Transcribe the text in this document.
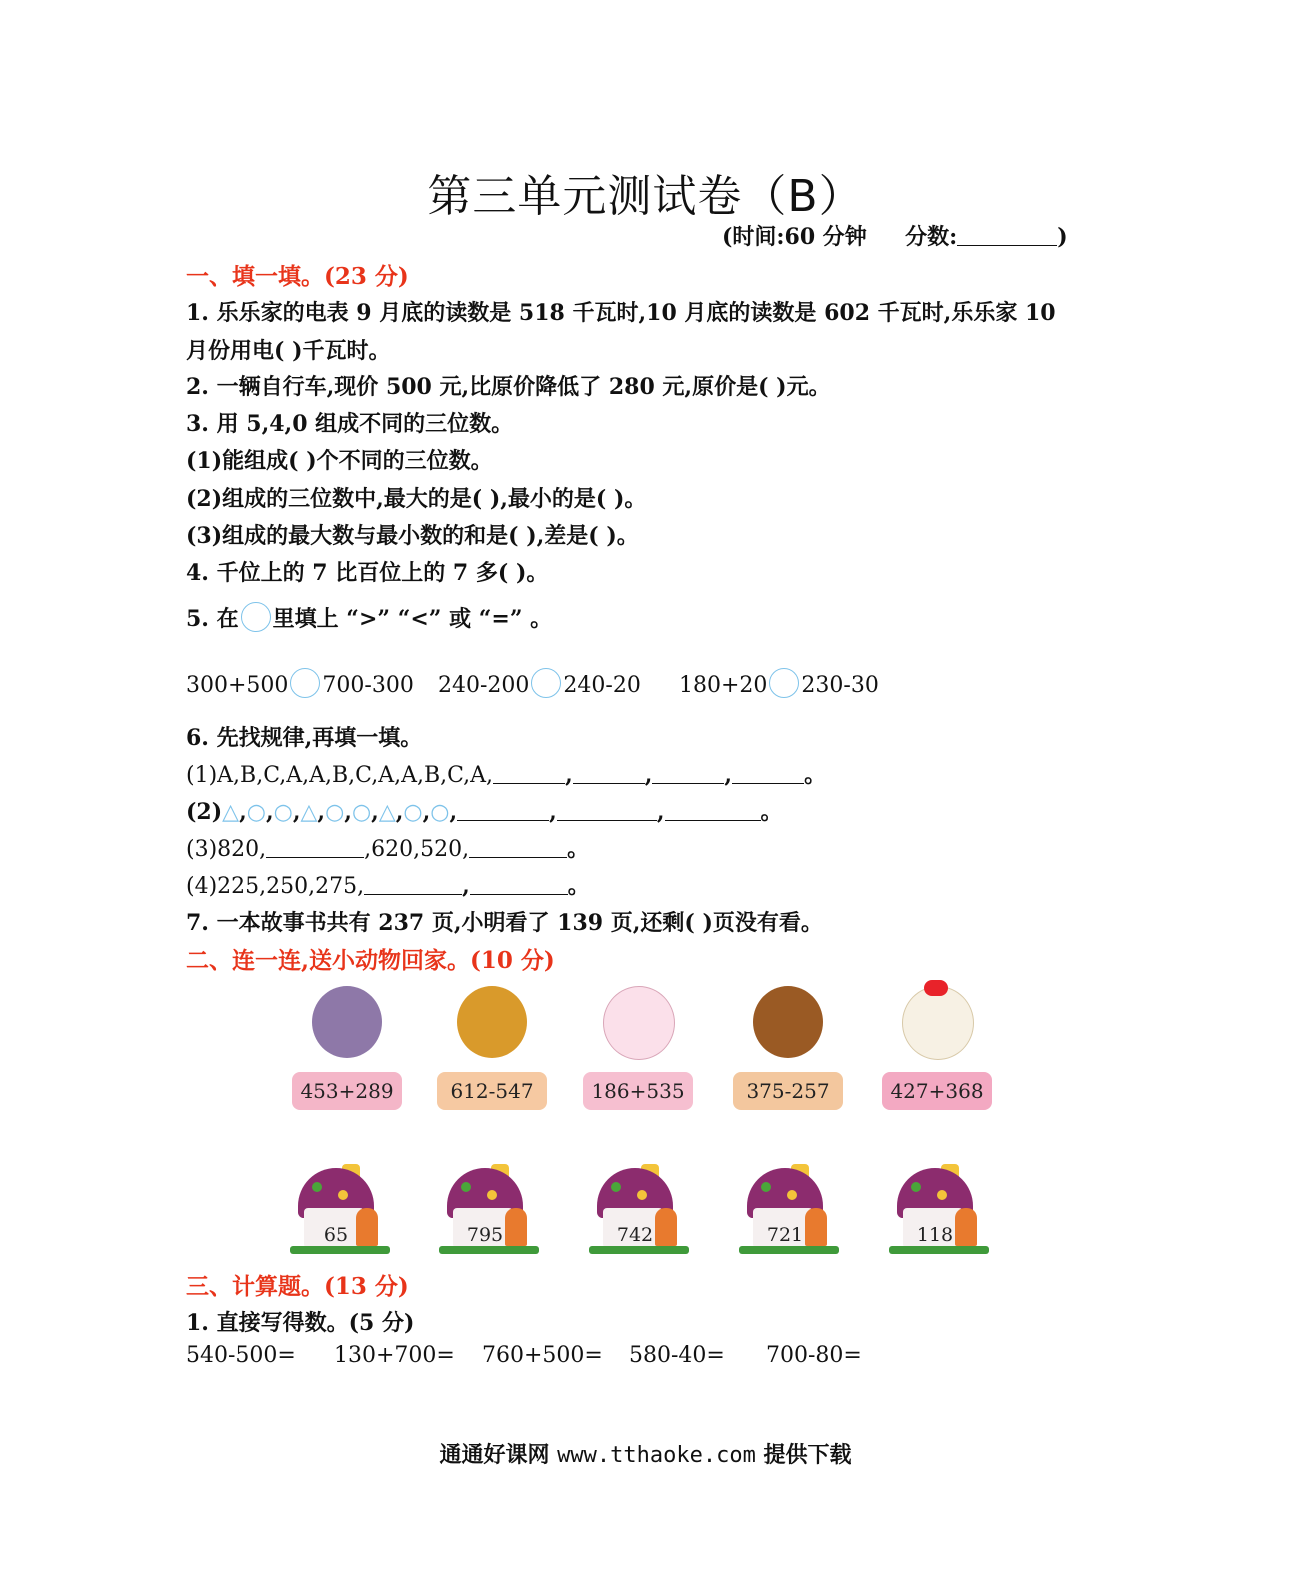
第三单元测试卷（B）
(时间:60 分钟 分数:	)
一、填一填。(23 分)
1. 乐乐家的电表 9 月底的读数是 518 千瓦时,10 月底的读数是 602 千瓦时,乐乐家 10
月份用电( )千瓦时。
2. 一辆自行车,现价 500 元,比原价降低了 280 元,原价是( )元。
3. 用 5,4,0 组成不同的三位数。
(1)能组成( )个不同的三位数。
(2)组成的三位数中,最大的是( ),最小的是( )。
(3)组成的最大数与最小数的和是( ),差是( )。
4. 千位上的 7 比百位上的 7 多( )。
5. 在 里填上 “>” “<” 或 “=” 。
300+500 700-300 240-200 240-20 180+20 230-30
6. 先找规律,再填一填。
(1)A,B,C,A,A,B,C,A,A,B,C,A,	,	,	,	。
(2)△,○,○,△,○,○,△,○,○,	,	,	。
(3)820,	,620,520,	。
(4)225,250,275,	,	。
7. 一本故事书共有 237 页,小明看了 139 页,还剩( )页没有看。
二、连一连,送小动物回家。(10 分)
453+289	612-547	186+535	375-257	427+368
65	795	742	721	118
三、计算题。(13 分)
1. 直接写得数。(5 分)
540-500= 130+700= 760+500= 580-40= 700-80=
通通好课网 www.tthaoke.com 提供下载
